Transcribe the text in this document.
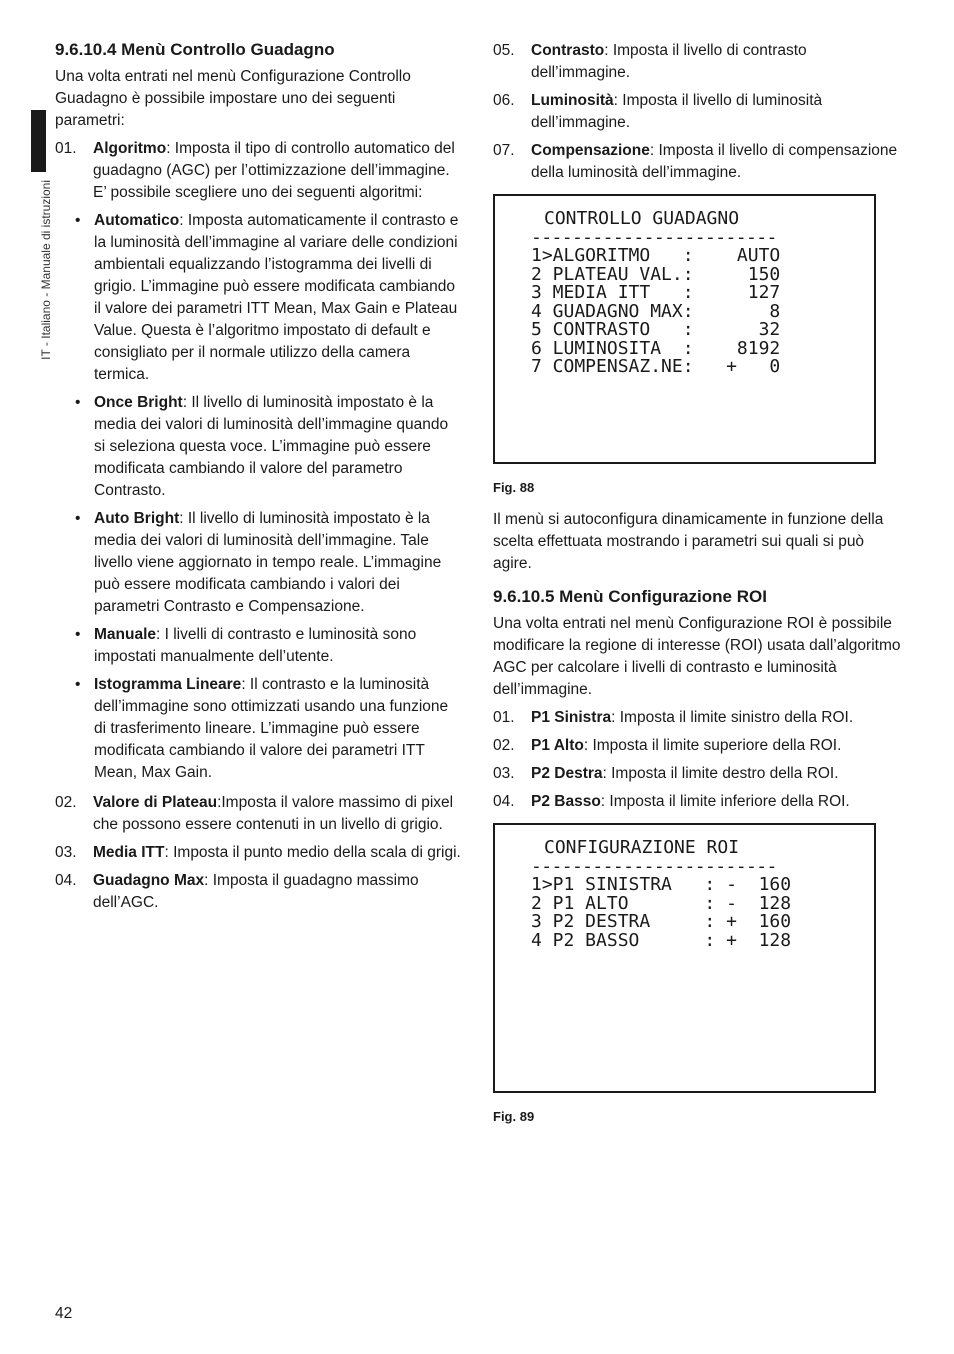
IT - Italiano - Manuale di istruzioni
9.6.10.4 Menù Controllo Guadagno

Una volta entrati nel menù Configurazione Controllo Guadagno è possibile impostare uno dei seguenti parametri:

01.	Algoritmo: Imposta il tipo di controllo automatico del guadagno (AGC) per l’ottimizzazione dell’immagine. E’ possibile scegliere uno dei seguenti algoritmi:
• Automatico: Imposta automaticamente il contrasto e la luminosità dell’immagine al variare delle condizioni ambientali equalizzando l’istogramma dei livelli di grigio. L’immagine può essere modificata cambiando il valore dei parametri ITT Mean, Max Gain e Plateau Value. Questa è l’algoritmo impostato di default e consigliato per il normale utilizzo della camera termica.
• Once Bright: Il livello di luminosità impostato è la media dei valori di luminosità dell’immagine quando si seleziona questa voce. L’immagine può essere modificata cambiando il valore del parametro Contrasto.
• Auto Bright: Il livello di luminosità impostato è la media dei valori di luminosità dell’immagine. Tale livello viene aggiornato in tempo reale. L’immagine può essere modificata cambiando i valori dei parametri Contrasto e Compensazione.
• Manuale: I livelli di contrasto e luminosità sono impostati manualmente dell’utente.
• Istogramma Lineare: Il contrasto e la luminosità dell’immagine sono ottimizzati usando una funzione di trasferimento lineare. L’immagine può essere modificata cambiando il valore dei parametri ITT Mean, Max Gain.
02.	Valore di Plateau:Imposta il valore massimo di pixel che possono essere contenuti in un livello di grigio.
03.	Media ITT: Imposta il punto medio della scala di grigi.
04.	Guadagno Max: Imposta il guadagno massimo dell’AGC.
05.	Contrasto: Imposta il livello di contrasto dell’immagine.
06.	Luminosità: Imposta il livello di luminosità dell’immagine.
07.	Compensazione: Imposta il livello di compensazione della luminosità dell’immagine.
CONTROLLO GUADAGNO
------------------------
1>ALGORITMO   :    AUTO
2 PLATEAU VAL.:     150
3 MEDIA ITT   :     127
4 GUADAGNO MAX:       8
5 CONTRASTO   :      32
6 LUMINOSITA  :    8192
7 COMPENSAZ.NE:   +   0
Fig. 88

Il menù si autoconfigura dinamicamente in funzione della scelta effettuata mostrando i parametri sui quali si può agire.

9.6.10.5 Menù Configurazione ROI

Una volta entrati nel menù Configurazione ROI è possibile modificare la regione di interesse (ROI) usata dall’algoritmo AGC per calcolare i livelli di contrasto e luminosità dell’immagine.

01.	P1 Sinistra: Imposta il limite sinistro della ROI.
02.	P1 Alto: Imposta il limite superiore della ROI.
03.	P2 Destra: Imposta il limite destro della ROI.
04.	P2 Basso: Imposta il limite inferiore della ROI.
CONFIGURAZIONE ROI
------------------------
1>P1 SINISTRA   : -  160
2 P1 ALTO       : -  128
3 P2 DESTRA     : +  160
4 P2 BASSO      : +  128
Fig. 89
42
